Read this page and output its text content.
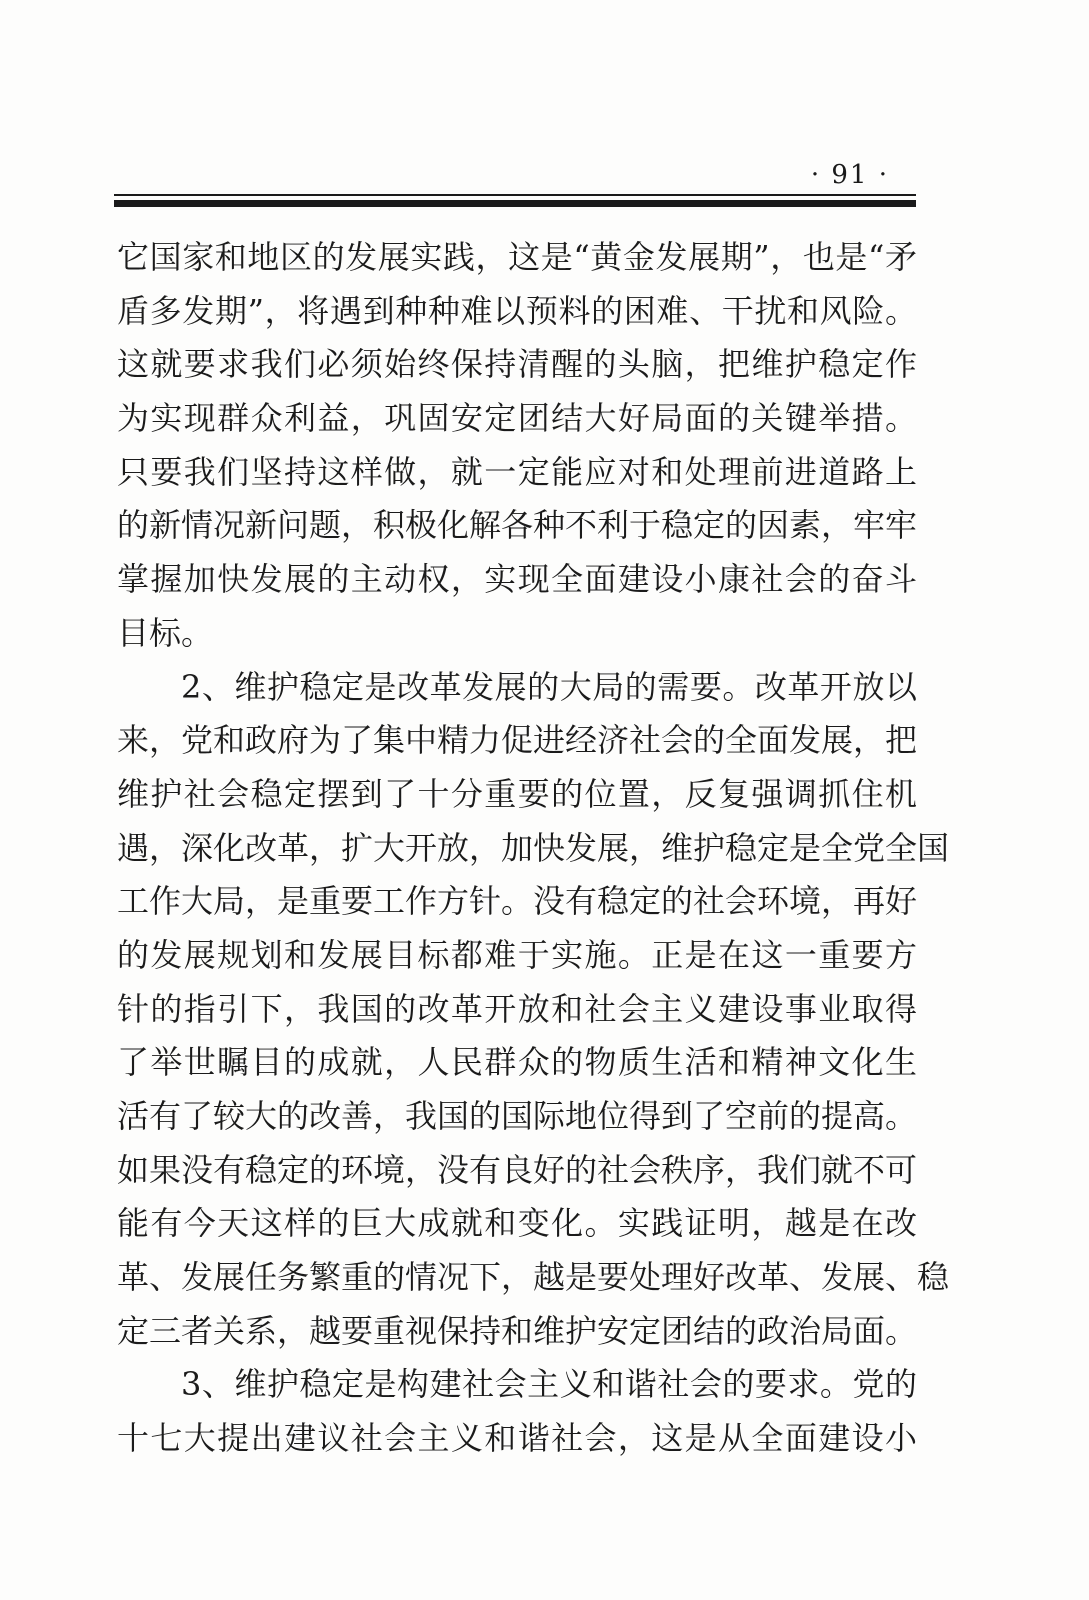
· 91 ·
它国家和地区的发展实践，这是“黄金发展期”，也是“矛
盾多发期”，将遇到种种难以预料的困难、干扰和风险。
这就要求我们必须始终保持清醒的头脑，把维护稳定作
为实现群众利益，巩固安定团结大好局面的关键举措。
只要我们坚持这样做，就一定能应对和处理前进道路上
的新情况新问题，积极化解各种不利于稳定的因素，牢牢
掌握加快发展的主动权，实现全面建设小康社会的奋斗
目标。
2、维护稳定是改革发展的大局的需要。改革开放以
来，党和政府为了集中精力促进经济社会的全面发展，把
维护社会稳定摆到了十分重要的位置，反复强调抓住机
遇，深化改革，扩大开放，加快发展，维护稳定是全党全国
工作大局，是重要工作方针。没有稳定的社会环境，再好
的发展规划和发展目标都难于实施。正是在这一重要方
针的指引下，我国的改革开放和社会主义建设事业取得
了举世瞩目的成就，人民群众的物质生活和精神文化生
活有了较大的改善，我国的国际地位得到了空前的提高。
如果没有稳定的环境，没有良好的社会秩序，我们就不可
能有今天这样的巨大成就和变化。实践证明，越是在改
革、发展任务繁重的情况下，越是要处理好改革、发展、稳
定三者关系，越要重视保持和维护安定团结的政治局面。
3、维护稳定是构建社会主义和谐社会的要求。党的
十七大提出建议社会主义和谐社会，这是从全面建设小
